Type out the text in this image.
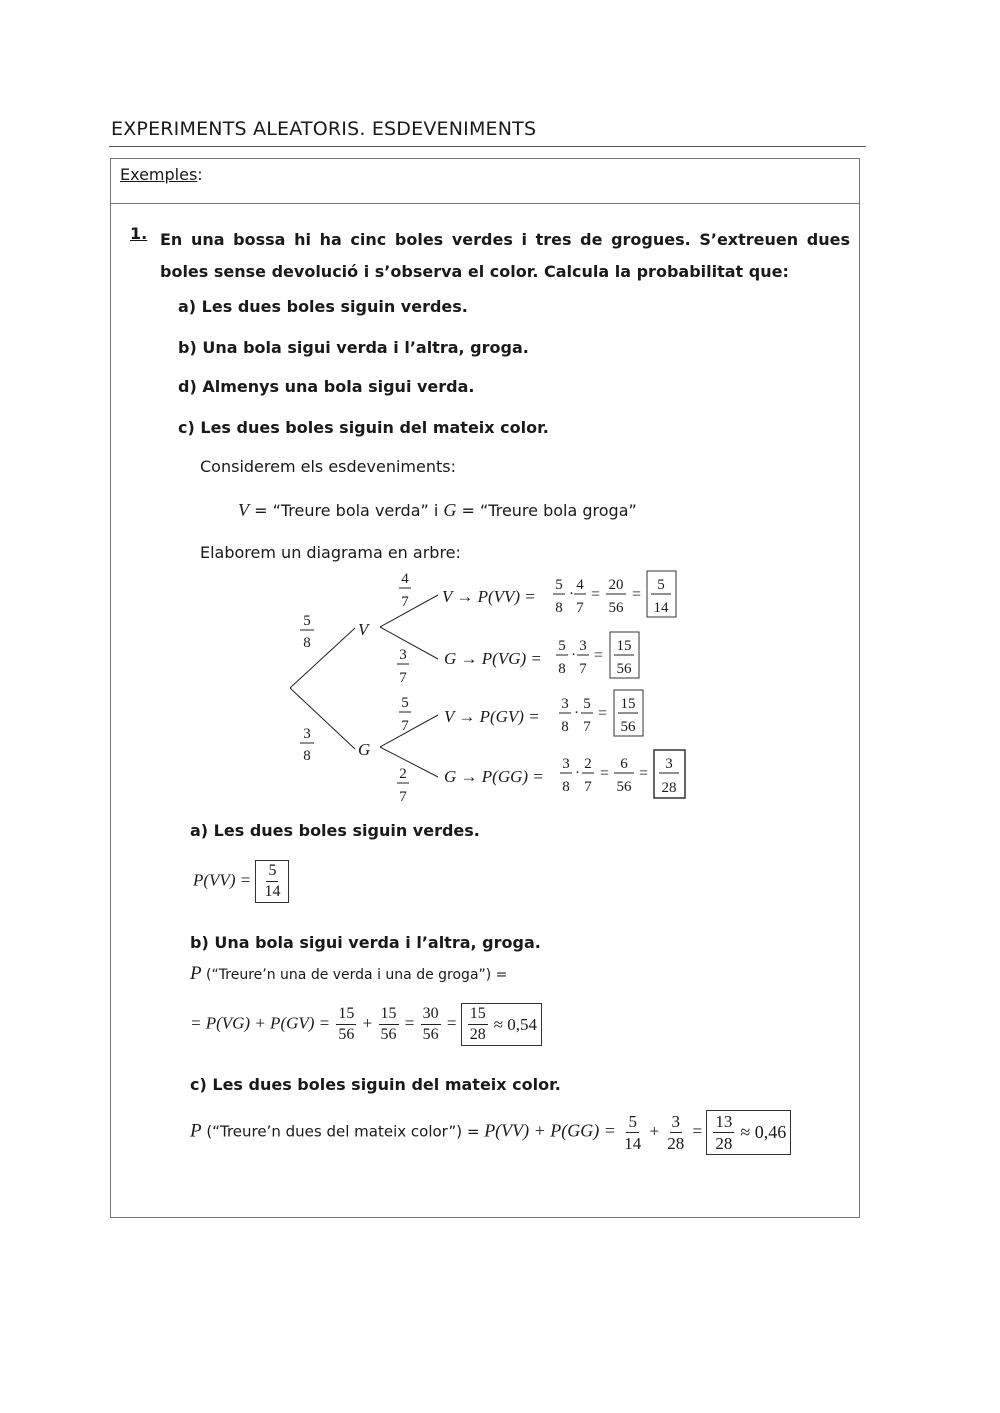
EXPERIMENTS ALEATORIS. ESDEVENIMENTS
Exemples:
1. En una bossa hi ha cinc boles verdes i tres de grogues. S’extreuen dues boles sense devolució i s’observa el color. Calcula la probabilitat que:
a) Les dues boles siguin verdes.
b) Una bola sigui verda i l’altra, groga.
d) Almenys una bola sigui verda.
c) Les dues boles siguin del mateix color.
Considerem els esdeveniments:
V = “Treure bola verda” i G = “Treure bola groga”
Elaborem un diagrama en arbre:
5
8
3
8
V
G
4
7
3
7
5
7
2
7
V → P(VV) =
5
8
·
4
7
=
20
56
=
5
14
G → P(VG) =
5
8
·
3
7
=
15
56
V → P(GV) =
3
8
·
5
7
=
15
56
G → P(GG) =
3
8
·
2
7
=
6
56
=
3
28
a) Les dues boles siguin verdes.
$P(VV) = \frac{5}{14}$
b) Una bola sigui verda i l’altra, groga.
P (“Treure’n una de verda i una de groga”) =
= $P(VG) + P(GV) = \frac{15}{56} + \frac{15}{56} = \frac{30}{56} = \frac{15}{28} \approx 0,54$
c) Les dues boles siguin del mateix color.
P (“Treure’n dues del mateix color”) = $P(VV) + P(GG) = \frac{5}{14} + \frac{3}{28} = \frac{13}{28} \approx 0,46$
